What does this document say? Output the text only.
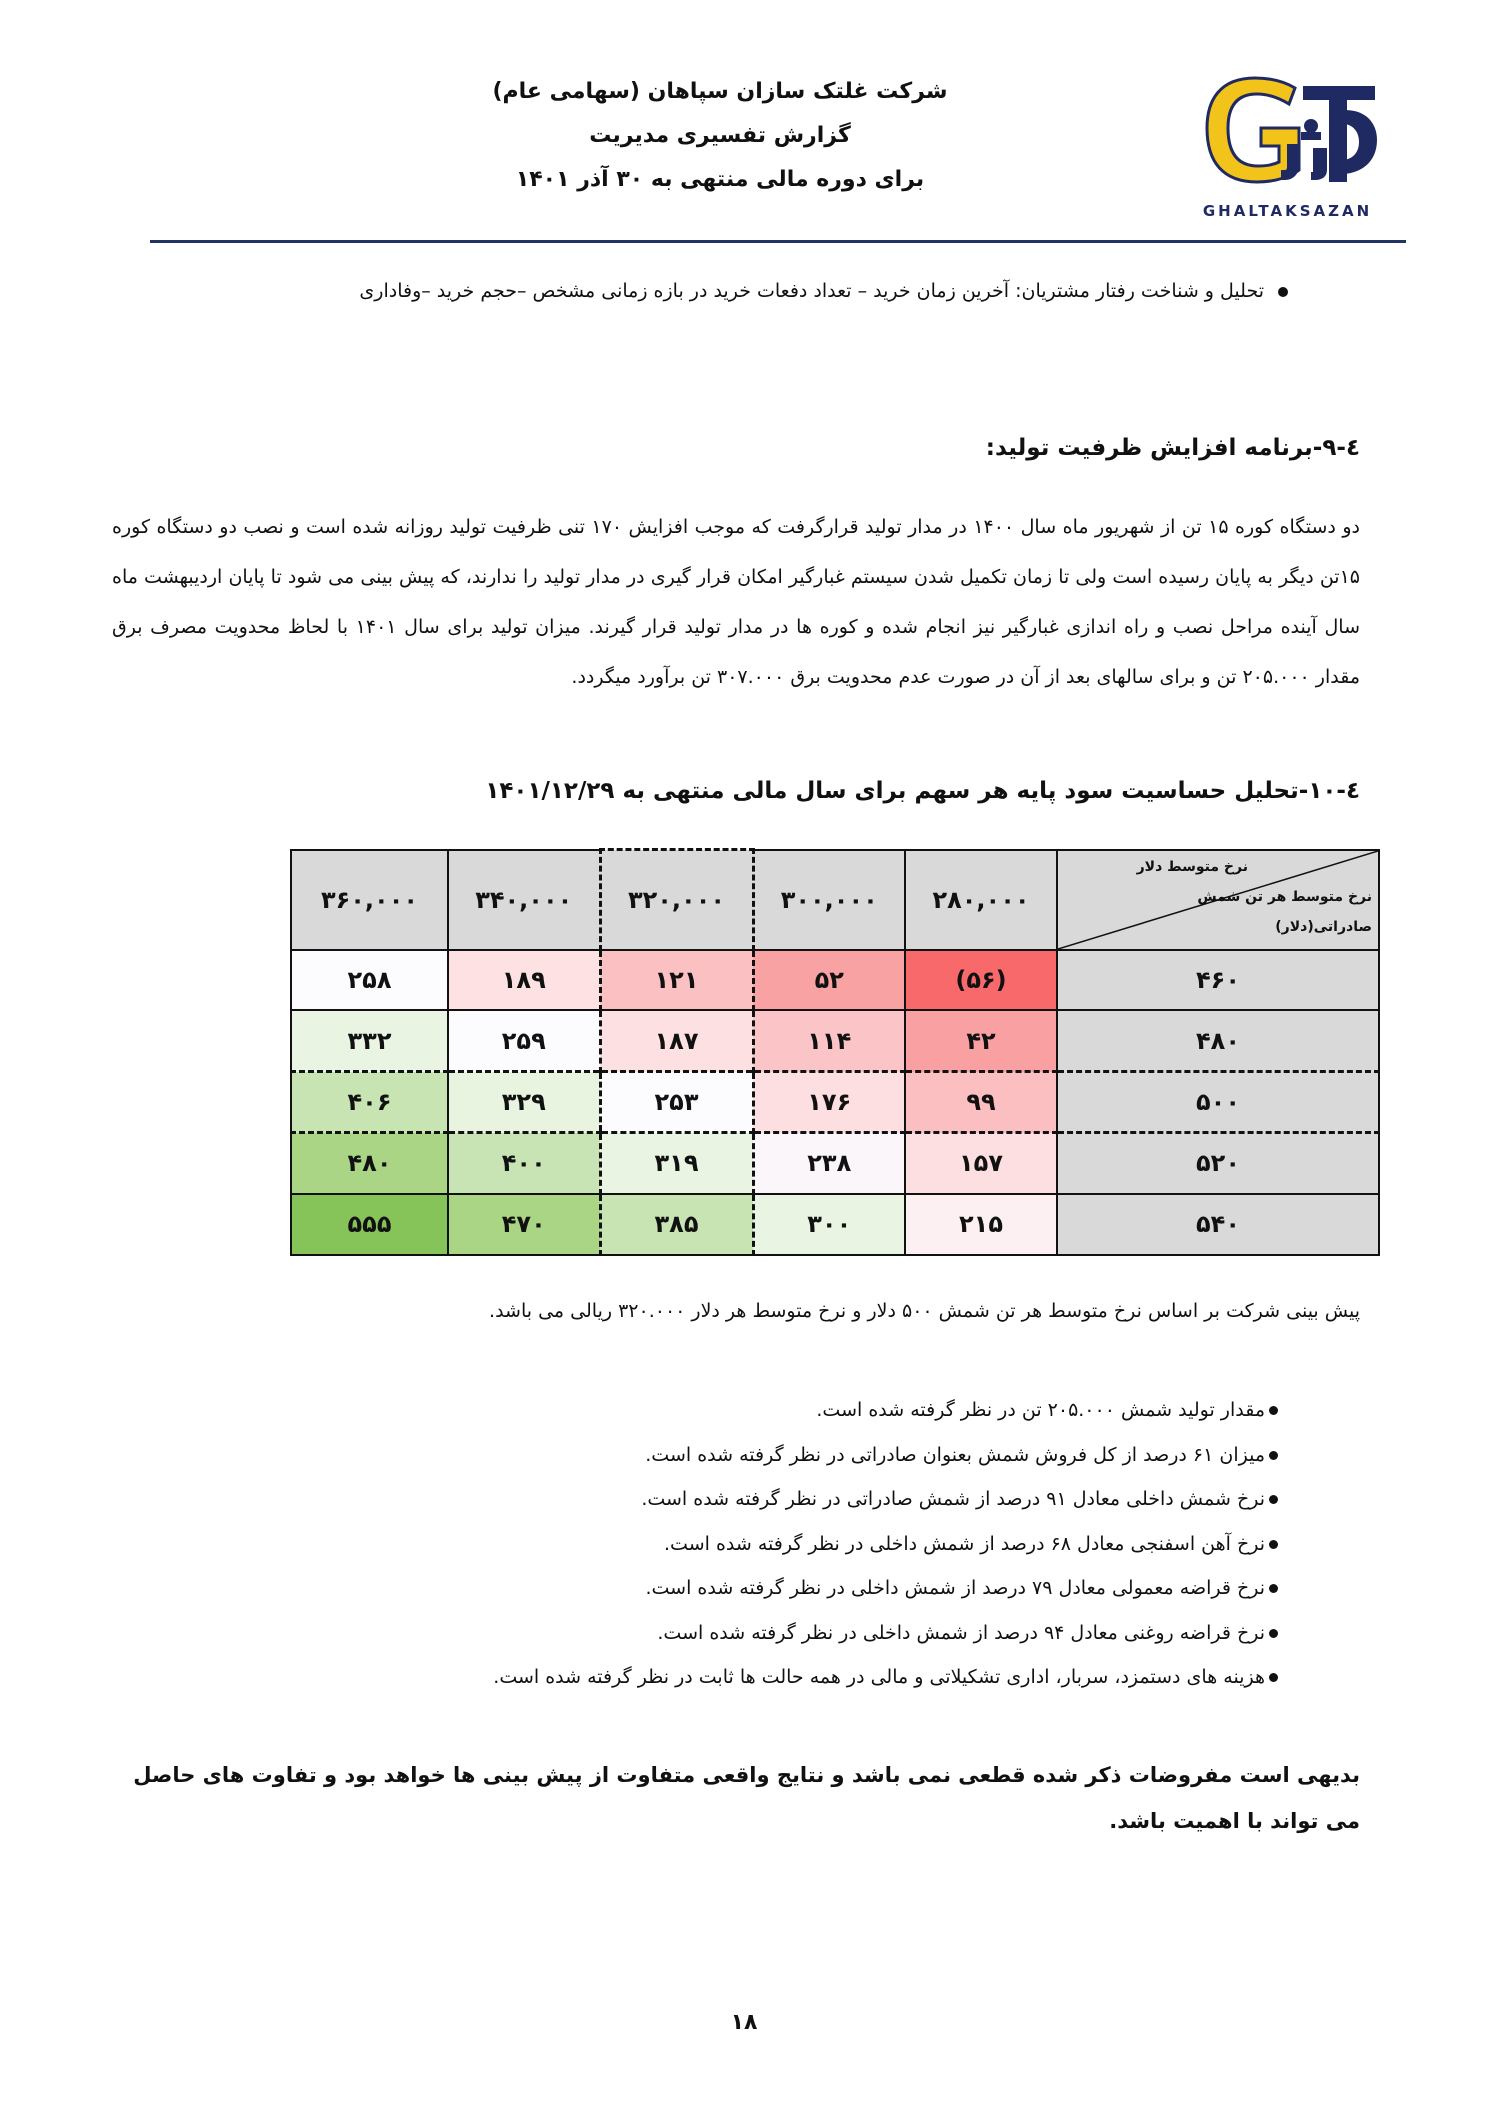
شرکت غلتک سازان سپاهان (سهامی عام)
گزارش تفسیری مدیریت
برای دوره مالی منتهی به ۳۰ آذر ۱۴۰۱
GHALTAKSAZAN
تحلیل و شناخت رفتار مشتریان: آخرین زمان خرید – تعداد دفعات خرید در بازه زمانی مشخص –حجم خرید –وفاداری
٤-۹-برنامه افزایش ظرفیت تولید:
دو دستگاه کوره ۱۵ تن از شهریور ماه سال ۱۴۰۰ در مدار تولید قرارگرفت که موجب افزایش ۱۷۰ تنی ظرفیت تولید روزانه شده است و نصب دو دستگاه کوره ۱۵تن دیگر به پایان رسیده است ولی تا زمان تکمیل شدن سیستم غبارگیر امکان قرار گیری در مدار تولید را ندارند، که پیش بینی می شود تا پایان اردیبهشت ماه سال آینده مراحل نصب و راه اندازی غبارگیر نیز انجام شده و کوره ها در مدار تولید قرار گیرند. میزان تولید برای سال ۱۴۰۱ با لحاظ محدویت مصرف برق مقدار ۲۰۵.۰۰۰ تن و برای سالهای بعد از آن در صورت عدم محدویت برق ۳۰۷.۰۰۰ تن برآورد میگردد.
٤-۱۰-تحلیل حساسیت سود پایه هر سهم برای سال مالی منتهی به ۱۴۰۱/۱۲/۲۹
۳۶۰,۰۰۰	۳۴۰,۰۰۰	۳۲۰,۰۰۰	۳۰۰,۰۰۰	۲۸۰,۰۰۰	نرخ متوسط دلار
نرخ متوسط هر تن شمش
صادراتی(دلار)

۲۵۸	۱۸۹	۱۲۱	۵۲	(۵۶)	۴۶۰
۳۳۲	۲۵۹	۱۸۷	۱۱۴	۴۲	۴۸۰
۴۰۶	۳۲۹	۲۵۳	۱۷۶	۹۹	۵۰۰
۴۸۰	۴۰۰	۳۱۹	۲۳۸	۱۵۷	۵۲۰
۵۵۵	۴۷۰	۳۸۵	۳۰۰	۲۱۵	۵۴۰
پیش بینی شرکت بر اساس نرخ متوسط هر تن شمش ۵۰۰ دلار و نرخ متوسط هر دلار ۳۲۰.۰۰۰ ریالی می باشد.
مقدار تولید شمش ۲۰۵.۰۰۰ تن در نظر گرفته شده است.
میزان ۶۱ درصد از کل فروش شمش بعنوان صادراتی در نظر گرفته شده است.
نرخ شمش داخلی معادل ۹۱ درصد از شمش صادراتی در نظر گرفته شده است.
نرخ آهن اسفنجی معادل ۶۸ درصد از شمش داخلی در نظر گرفته شده است.
نرخ قراضه معمولی معادل ۷۹ درصد از شمش داخلی در نظر گرفته شده است.
نرخ قراضه روغنی معادل ۹۴ درصد از شمش داخلی در نظر گرفته شده است.
هزینه های دستمزد، سربار، اداری تشکیلاتی و مالی در همه حالت ها ثابت در نظر گرفته شده است.
بدیهی است مفروضات ذکر شده قطعی نمی باشد و نتایج واقعی متفاوت از پیش بینی ها خواهد بود و تفاوت های حاصل می تواند با اهمیت باشد.
۱۸
